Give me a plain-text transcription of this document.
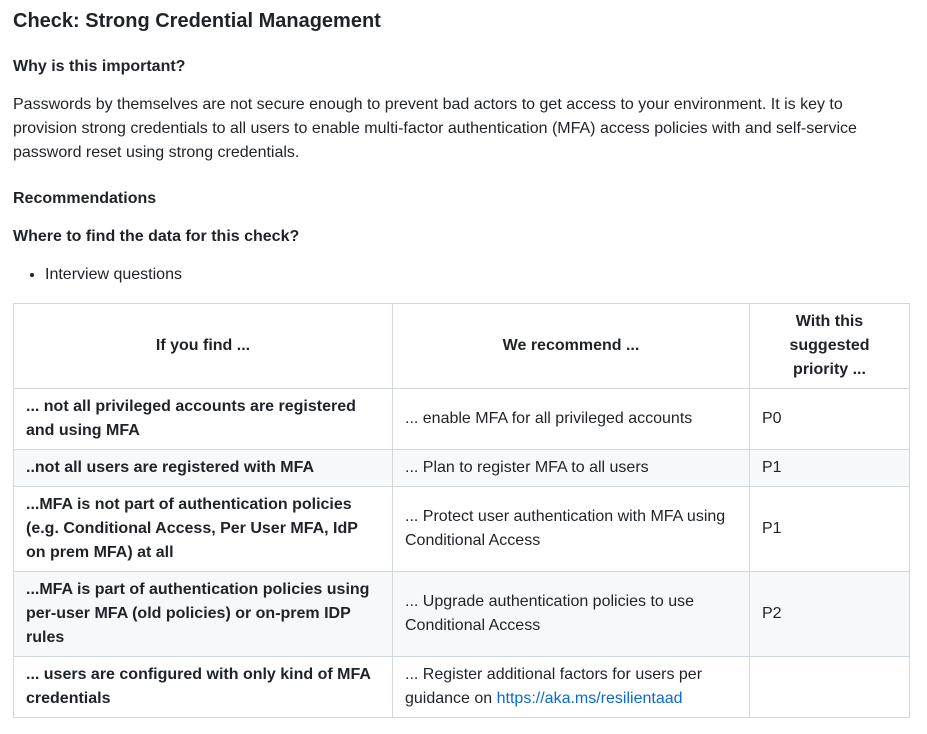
Check: Strong Credential Management
Why is this important?

Passwords by themselves are not secure enough to prevent bad actors to get access to your environment. It is key to provision strong credentials to all users to enable multi-factor authentication (MFA) access policies with and self-service password reset using strong credentials.

Recommendations
Where to find the data for this check?
• Interview questions
If you find ...	We recommend ...	With this suggested priority ...
... not all privileged accounts are registered and using MFA	... enable MFA for all privileged accounts	P0
..not all users are registered with MFA	... Plan to register MFA to all users	P1
...MFA is not part of authentication policies (e.g. Conditional Access, Per User MFA, IdP on prem MFA) at all	... Protect user authentication with MFA using Conditional Access	P1
...MFA is part of authentication policies using per-user MFA (old policies) or on-prem IDP rules	... Upgrade authentication policies to use Conditional Access	P2
... users are configured with only kind of MFA credentials	... Register additional factors for users per guidance on https://aka.ms/resilientaad	
